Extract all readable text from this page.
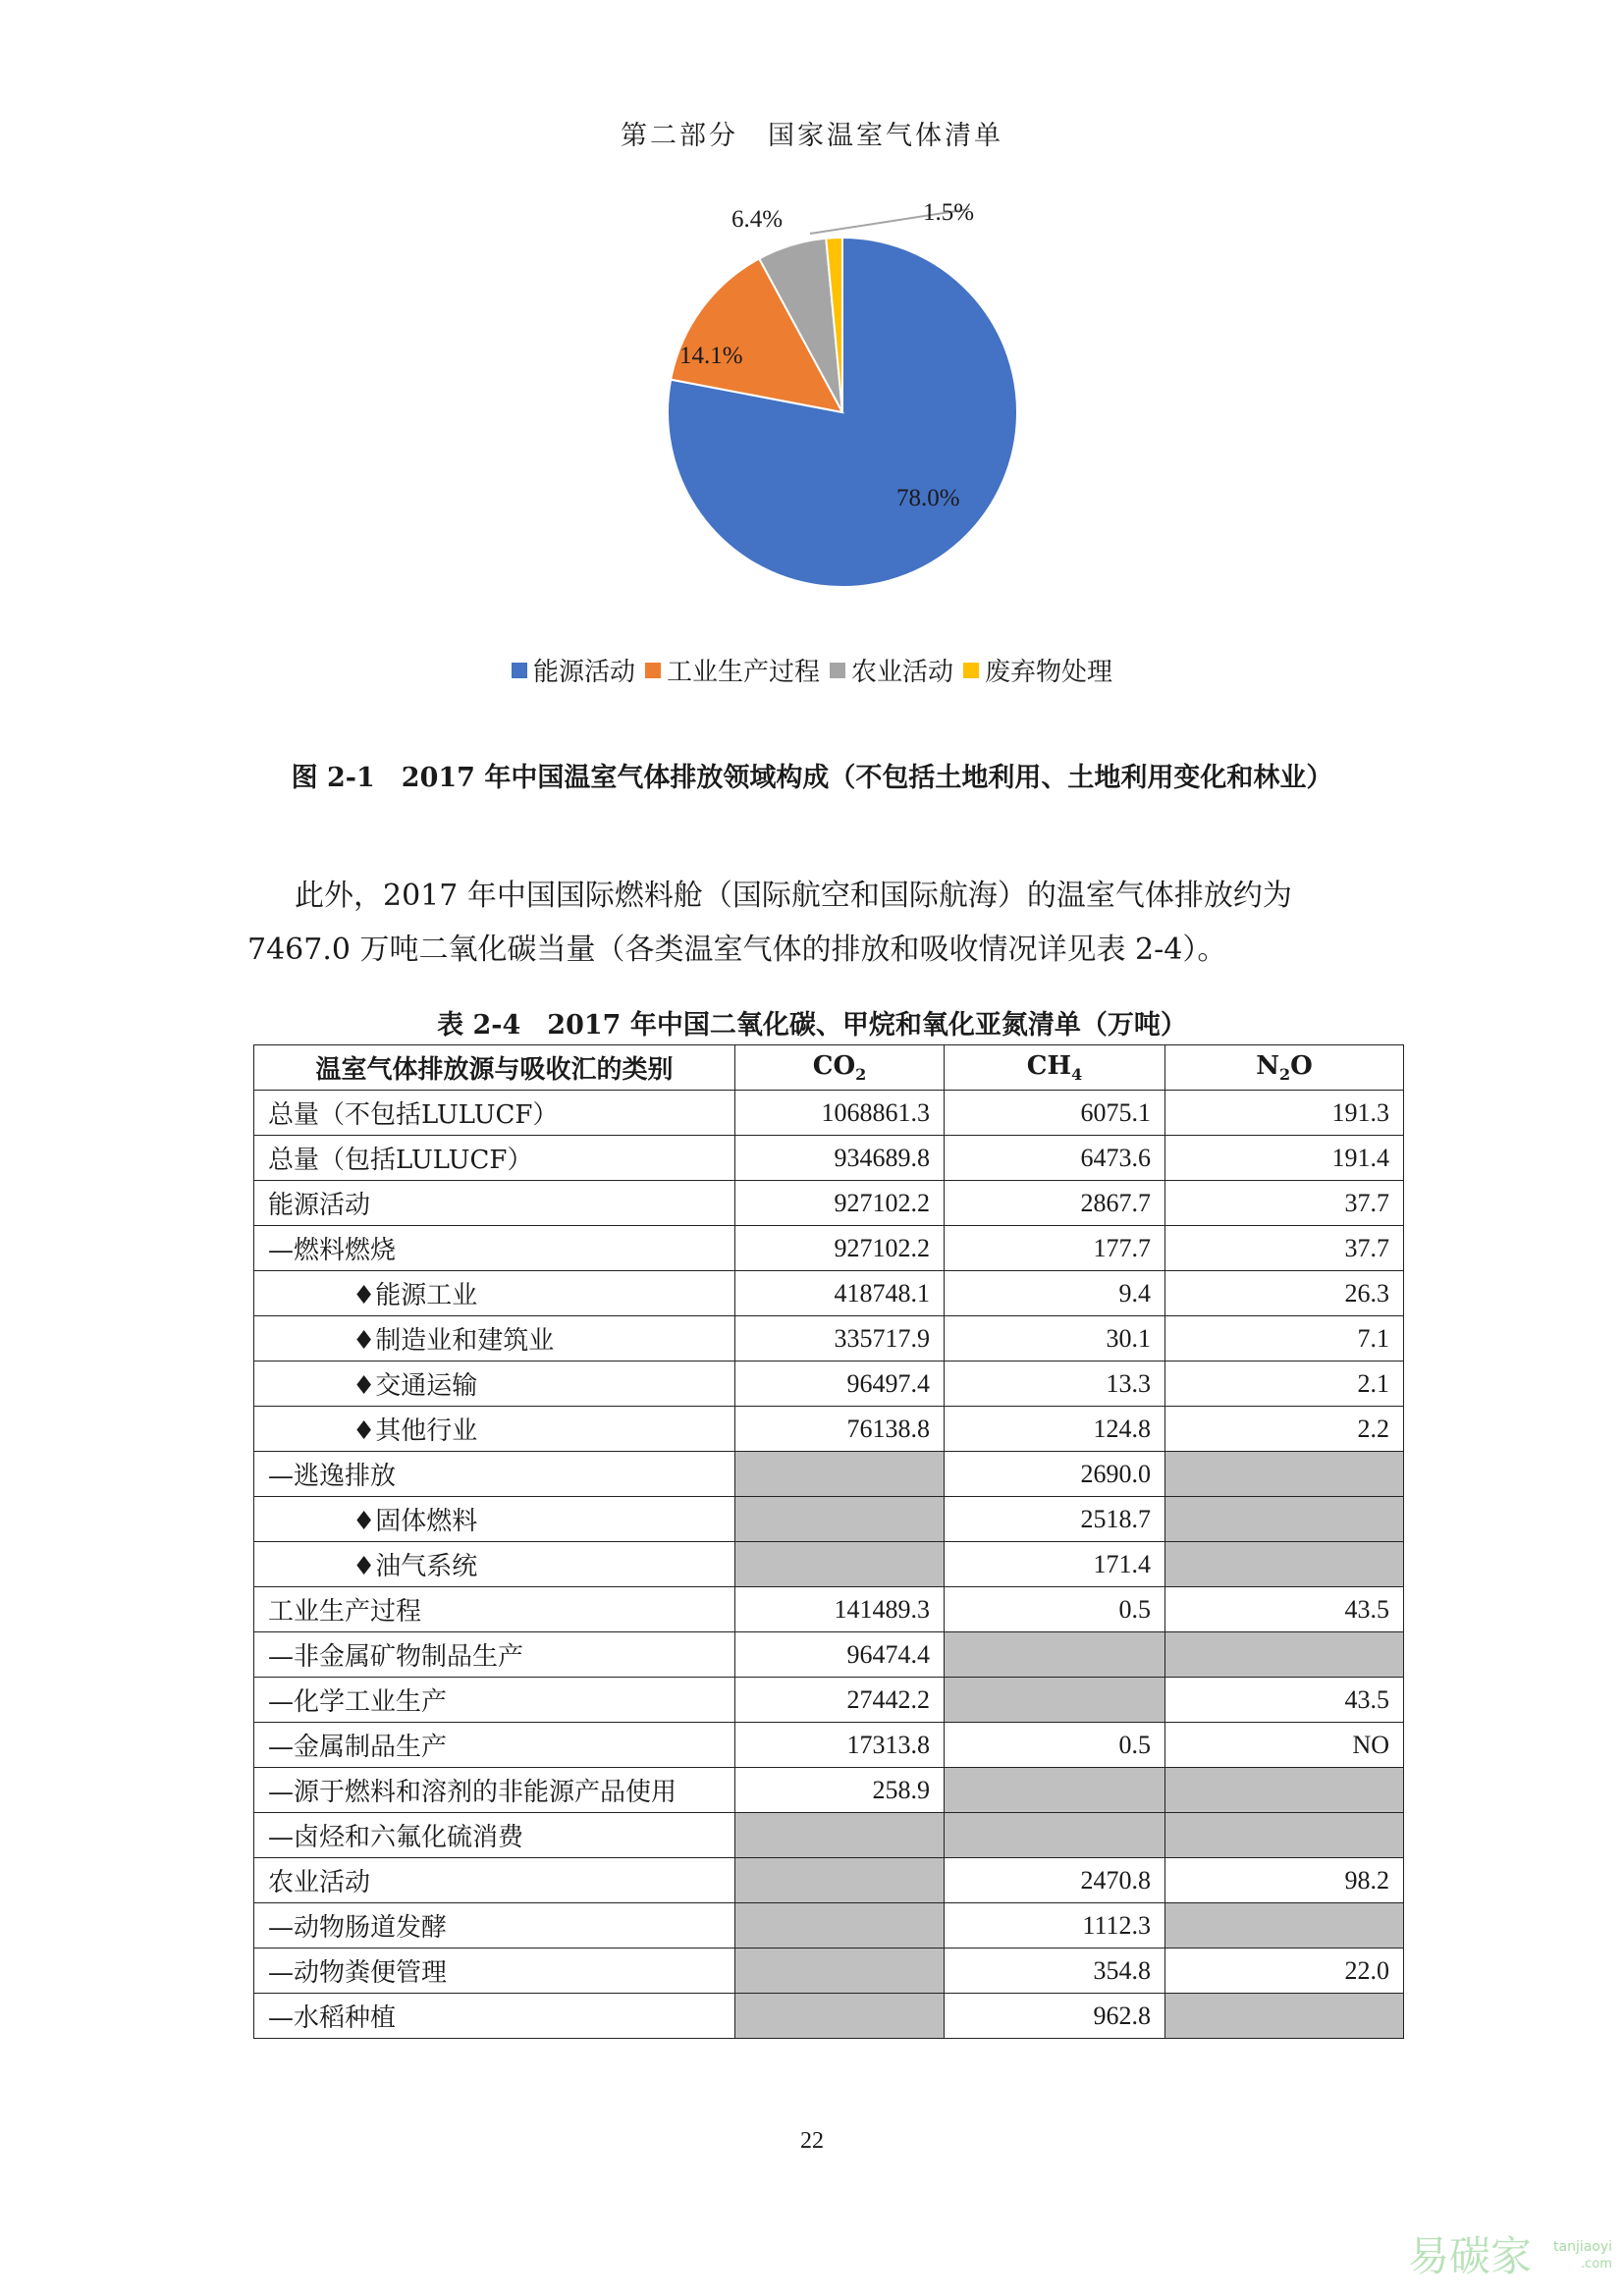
第二部分　国家温室气体清单
78.0%
14.1%
6.4%	1.5%
能源活动 工业生产过程 农业活动 废弃物处理
图 2-1　2017 年中国温室气体排放领域构成（不包括土地利用、土地利用变化和林业）

此外，2017 年中国国际燃料舱（国际航空和国际航海）的温室气体排放约为

7467.0 万吨二氧化碳当量（各类温室气体的排放和吸收情况详见表 2-4）。

表 2-4　2017 年中国二氧化碳、甲烷和氧化亚氮清单（万吨）
温室气体排放源与吸收汇的类别	$CO_2$	$CH_4$	$N_2O$
总量（不包括LULUCF）	1068861.3	6075.1	191.3
总量（包括LULUCF）	934689.8	6473.6	191.4
能源活动	927102.2	2867.7	37.7
—燃料燃烧	927102.2	177.7	37.7
♦能源工业	418748.1	9.4	26.3
♦制造业和建筑业	335717.9	30.1	7.1
♦交通运输	96497.4	13.3	2.1
♦其他行业	76138.8	124.8	2.2
—逃逸排放		2690.0	
♦固体燃料		2518.7	
♦油气系统		171.4	
工业生产过程	141489.3	0.5	43.5
—非金属矿物制品生产	96474.4		
—化学工业生产	27442.2		43.5
—金属制品生产	17313.8	0.5	NO
—源于燃料和溶剂的非能源产品使用	258.9		
—卤烃和六氟化硫消费			
农业活动		2470.8	98.2
—动物肠道发酵		1112.3	
—动物粪便管理		354.8	22.0
—水稻种植		962.8	
22
易碳家 tanjiaoyi
.com
